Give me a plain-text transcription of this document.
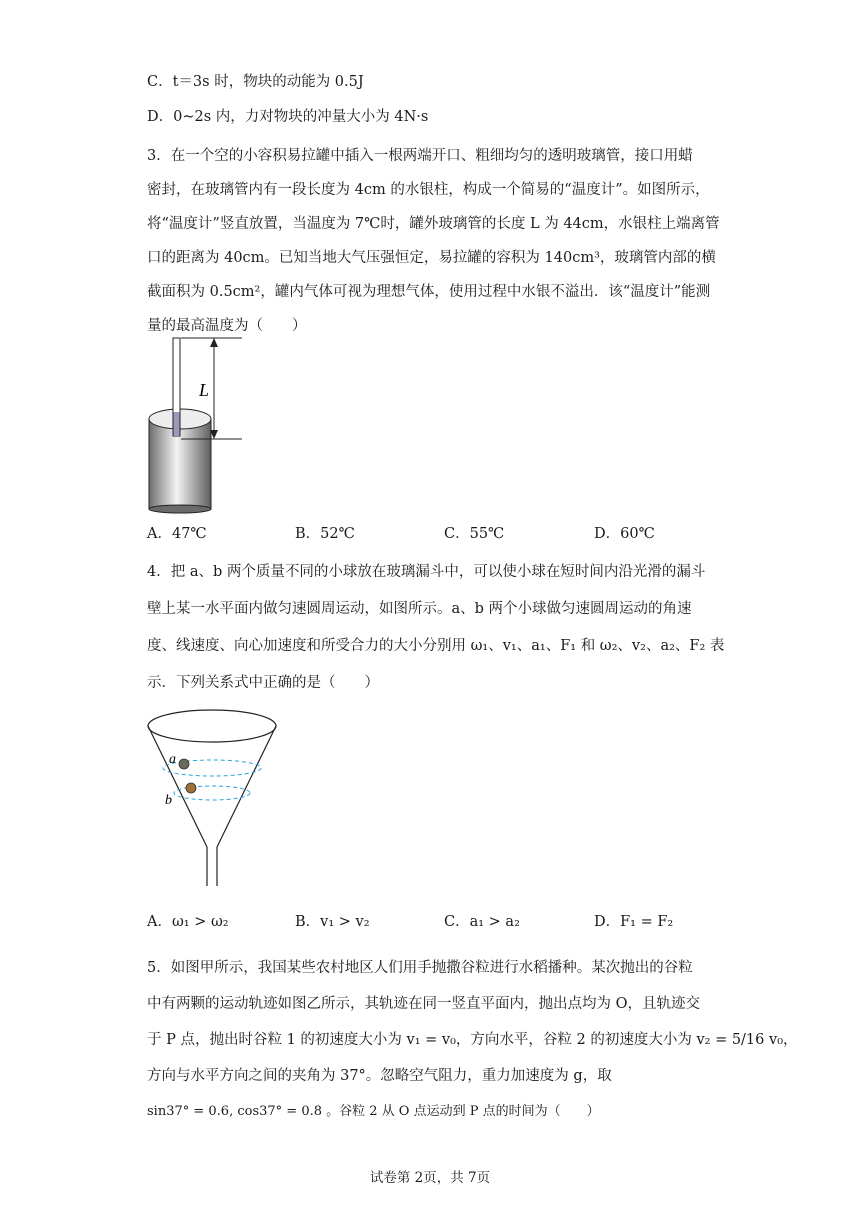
C．t＝3s 时，物块的动能为 0.5J
D．0~2s 内，力对物块的冲量大小为 4N·s
3．在一个空的小容积易拉罐中插入一根两端开口、粗细均匀的透明玻璃管，接口用蜡
密封，在玻璃管内有一段长度为 4cm 的水银柱，构成一个简易的“温度计”。如图所示，
将“温度计”竖直放置，当温度为 7℃时，罐外玻璃管的长度 L 为 44cm，水银柱上端离管
口的距离为 40cm。已知当地大气压强恒定，易拉罐的容积为 140cm³，玻璃管内部的横
截面积为 0.5cm²，罐内气体可视为理想气体，使用过程中水银不溢出．该“温度计”能测
量的最高温度为（　　）
L
A．47℃	B．52℃	C．55℃	D．60℃
4．把 a、b 两个质量不同的小球放在玻璃漏斗中，可以使小球在短时间内沿光滑的漏斗
壁上某一水平面内做匀速圆周运动，如图所示。a、b 两个小球做匀速圆周运动的角速
度、线速度、向心加速度和所受合力的大小分别用 ω₁、v₁、a₁、F₁ 和 ω₂、v₂、a₂、F₂ 表
示．下列关系式中正确的是（　　）
a
b
A．ω₁ > ω₂	B．v₁ > v₂	C．a₁ > a₂	D．F₁ = F₂
5．如图甲所示，我国某些农村地区人们用手抛撒谷粒进行水稻播种。某次抛出的谷粒
中有两颗的运动轨迹如图乙所示，其轨迹在同一竖直平面内，抛出点均为 O，且轨迹交
于 P 点，抛出时谷粒 1 的初速度大小为 v₁ = v₀，方向水平，谷粒 2 的初速度大小为 v₂ = 5/16 v₀，
方向与水平方向之间的夹角为 37°。忽略空气阻力，重力加速度为 g，取
sin37° = 0.6, cos37° = 0.8 。谷粒 2 从 O 点运动到 P 点的时间为（　　）
试卷第 2页，共 7页
